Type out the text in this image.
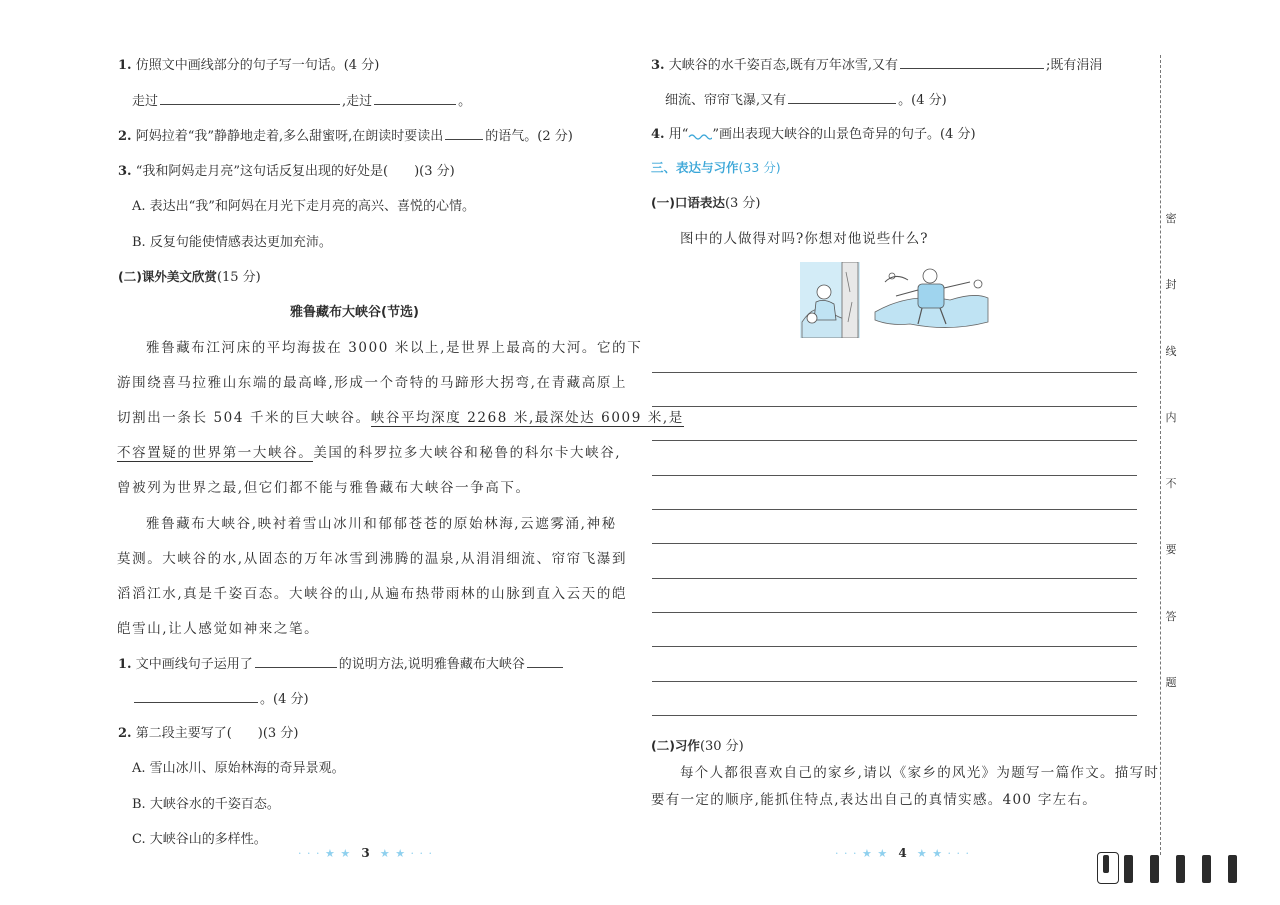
1. 仿照文中画线部分的句子写一句话。(4 分)
走过	,走过	。
2. 阿妈拉着“我”静静地走着,多么甜蜜呀,在朗读时要读出	的语气。(2 分)
3. “我和阿妈走月亮”这句话反复出现的好处是(　　)(3 分)
A. 表达出“我”和阿妈在月光下走月亮的高兴、喜悦的心情。
B. 反复句能使情感表达更加充沛。
(二)课外美文欣赏(15 分)
雅鲁藏布大峡谷(节选)
雅鲁藏布江河床的平均海拔在 3000 米以上,是世界上最高的大河。它的下
游围绕喜马拉雅山东端的最高峰,形成一个奇特的马蹄形大拐弯,在青藏高原上
切割出一条长 504 千米的巨大峡谷。峡谷平均深度 2268 米,最深处达 6009 米,是
不容置疑的世界第一大峡谷。美国的科罗拉多大峡谷和秘鲁的科尔卡大峡谷,
曾被列为世界之最,但它们都不能与雅鲁藏布大峡谷一争高下。
雅鲁藏布大峡谷,映衬着雪山冰川和郁郁苍苍的原始林海,云遮雾涌,神秘
莫测。大峡谷的水,从固态的万年冰雪到沸腾的温泉,从涓涓细流、帘帘飞瀑到
滔滔江水,真是千姿百态。大峡谷的山,从遍布热带雨林的山脉到直入云天的皑
皑雪山,让人感觉如神来之笔。
1. 文中画线句子运用了	的说明方法,说明雅鲁藏布大峡谷
。(4 分)
2. 第二段主要写了(　　)(3 分)
A. 雪山冰川、原始林海的奇异景观。
B. 大峡谷水的千姿百态。
C. 大峡谷山的多样性。
· · · ★ ★ 3 ★ ★ · · ·
3. 大峡谷的水千姿百态,既有万年冰雪,又有	;既有涓涓
细流、帘帘飞瀑,又有	。(4 分)
4. 用“ ”画出表现大峡谷的山景色奇异的句子。(4 分)
三、表达与习作(33 分)
(一)口语表达(3 分)
图中的人做得对吗?你想对他说些什么?
(二)习作(30 分)
每个人都很喜欢自己的家乡,请以《家乡的风光》为题写一篇作文。描写时
要有一定的顺序,能抓住特点,表达出自己的真情实感。400 字左右。
· · · ★ ★ 4 ★ ★ · · ·
密
封
线
内
不
要
答
题
